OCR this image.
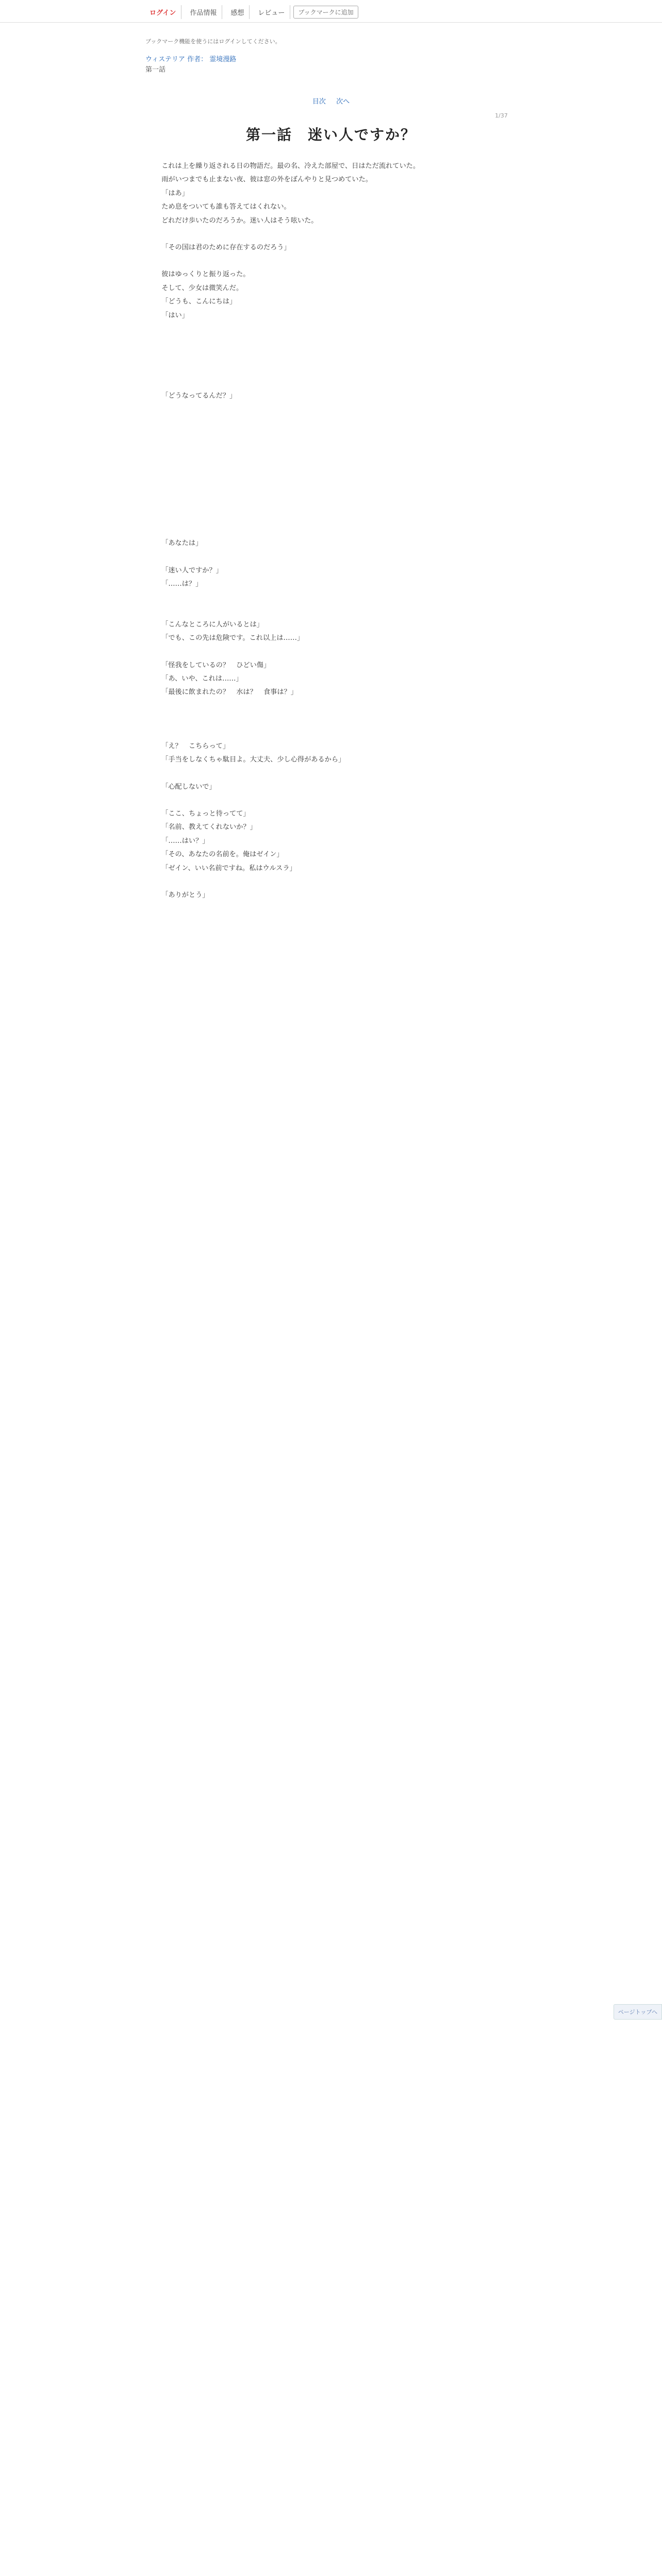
ログイン	作品情報	感想	レビュー	ブックマークに追加
ブックマーク機能を使うにはログインしてください。
ウィステリア 作者： 霊境漫路
第一話
目次 次へ
1/37
第一話　迷い人ですか？

これは上を繰り返される日の物語だ。最の名、冷えた部屋で、日はただ流れていた。

雨がいつまでも止まない夜、彼は窓の外をぼんやりと見つめていた。

「はあ」

ため息をついても誰も答えてはくれない。

どれだけ歩いたのだろうか。迷い人はそう呟いた。

「その国は君のために存在するのだろう」

彼はゆっくりと振り返った。

そして、少女は微笑んだ。

「どうも、こんにちは」

「はい」

「どうなってるんだ？」

「あなたは」

「迷い人ですか？」

「……は？」

「こんなところに人がいるとは」

「でも、この先は危険です。これ以上は……」

「怪我をしているの？　ひどい傷」

「あ、いや、これは……」

「最後に飲まれたの？　水は？　食事は？」

「え？　こちらって」

「手当をしなくちゃ駄目よ。大丈夫、少し心得があるから」

「心配しないで」

「ここ、ちょっと待ってて」

「名前、教えてくれないか？」

「……はい？」

「その、あなたの名前を。俺はゼイン」

「ゼイン、いい名前ですね。私はウルスラ」

「ありがとう」

ページトップへ
